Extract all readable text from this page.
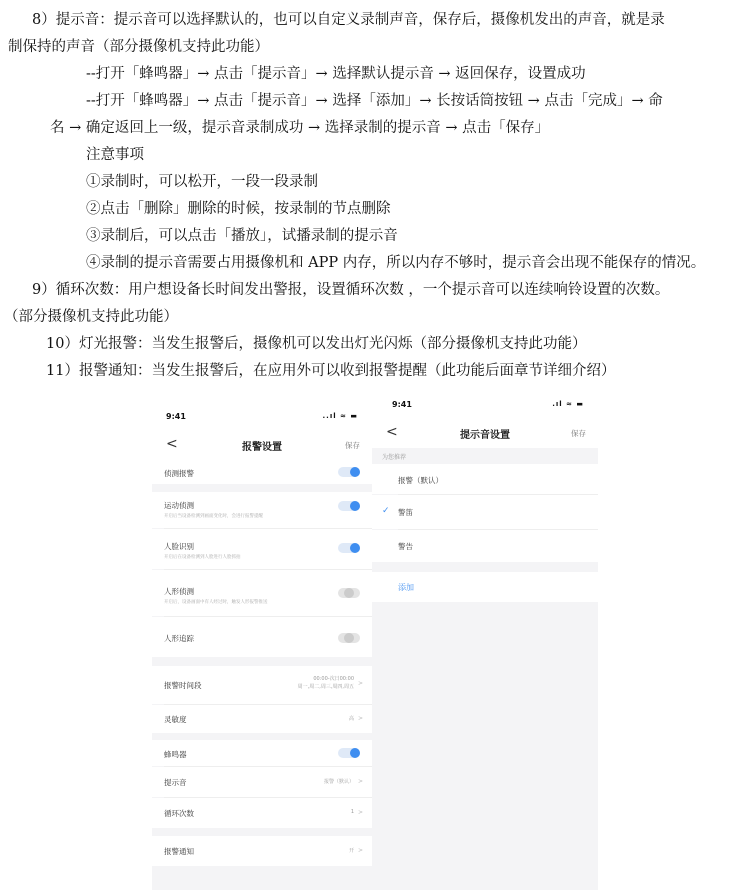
8）提示音：提示音可以选择默认的，也可以自定义录制声音，保存后，摄像机发出的声音，就是录
制保持的声音（部分摄像机支持此功能）
--打开「蜂鸣器」→ 点击「提示音」→ 选择默认提示音 → 返回保存，设置成功
--打开「蜂鸣器」→ 点击「提示音」→ 选择「添加」→ 长按话筒按钮 → 点击「完成」→ 命
名 → 确定返回上一级，提示音录制成功 → 选择录制的提示音 → 点击「保存」
注意事项
①录制时，可以松开，一段一段录制
②点击「删除」删除的时候，按录制的节点删除
③录制后，可以点击「播放」，试播录制的提示音
④录制的提示音需要占用摄像机和 APP 内存，所以内存不够时，提示音会出现不能保存的情况。
9）循环次数：用户想设备长时间发出警报，设置循环次数 ，一个提示音可以连续响铃设置的次数。
（部分摄像机支持此功能）
10）灯光报警：当发生报警后，摄像机可以发出灯光闪烁（部分摄像机支持此功能）
11）报警通知：当发生报警后，在应用外可以收到报警提醒（此功能后面章节详细介绍）
9:41	..ıl ≈ ▬
<	报警设置	保存
侦测报警
运动侦测
开启后当设备检测到画面变化时，会进行报警提醒
人脸识别
开启后在设备检测到人脸进行人脸抓拍
人形侦测
开启后，设备画面中有人经过时，触发人形报警推送
人形追踪
报警时间段
00:00-次日00:00
周一,周二,周三,周四,周五 >
灵敏度	高 >
蜂鸣器
提示音	报警（默认） >
循环次数	1 >
报警通知	开 >
9:41	.ıl ≈ ▬
<	提示音设置	保存
为您推荐
报警（默认）
✓ 警笛
警告
添加
